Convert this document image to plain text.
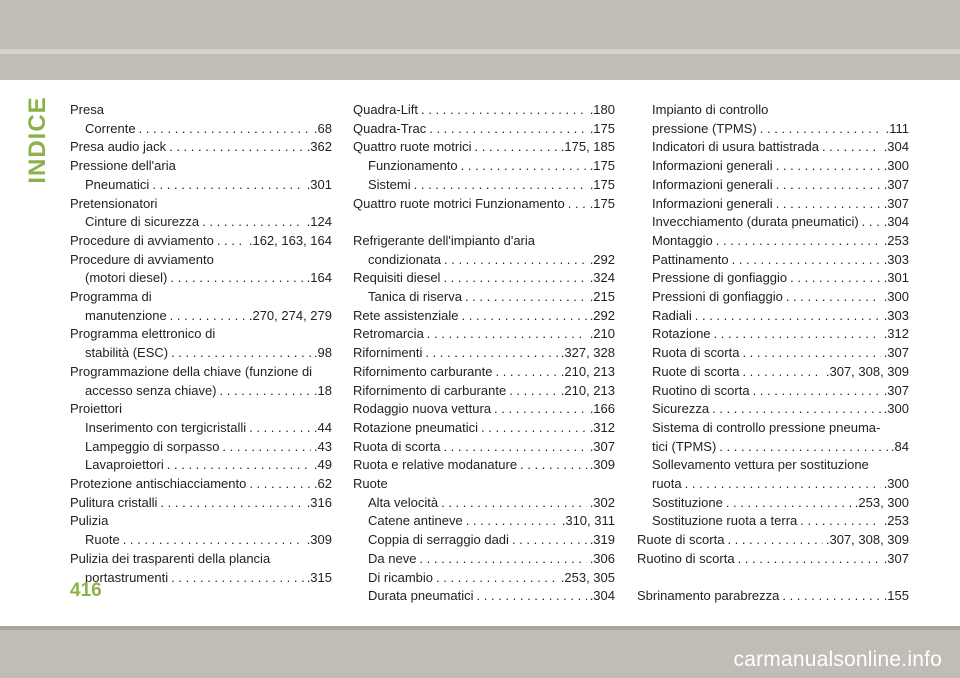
INDICE Presa
Corrente . . .	.68
Presa audio jack . . .	.362
Pressione dell'aria
Pneumatici . . .	.301
Pretensionatori
Cinture di sicurezza . . .	.124
Procedure di avviamento . . .	.162, 163, 164
Procedure di avviamento
(motori diesel) . . .	.164
Programma di
manutenzione . . .	.270, 274, 279
Programma elettronico di
stabilità (ESC) . . .	.98
Programmazione della chiave (funzione di
accesso senza chiave) . . .	.18
Proiettori
Inserimento con tergicristalli . . .	.44
Lampeggio di sorpasso . . .	.43
Lavaproiettori . . .	.49
Protezione antischiacciamento . . .	.62
Pulitura cristalli . . .	.316
Pulizia
Ruote . . .	.309
Pulizia dei trasparenti della plancia
portastrumenti . . .	.315
Quadra-Lift . . .	.180
Quadra-Trac . . .	.175
Quattro ruote motrici . . .	.175, 185
Funzionamento . . .	.175
Sistemi . . .	.175
Quattro ruote motrici Funzionamento . . . .175
Refrigerante dell'impianto d'aria
condizionata . . .	.292
Requisiti diesel . . .	.324
Tanica di riserva . . .	.215
Rete assistenziale . . .	.292
Retromarcia . . .	.210
Rifornimenti . . .	.327, 328
Rifornimento carburante . . .	.210, 213
Rifornimento di carburante . . .	.210, 213
Rodaggio nuova vettura . . .	.166
Rotazione pneumatici . . .	.312
Ruota di scorta . . .	.307
Ruota e relative modanature . . .	.309
Ruote
Alta velocità . . .	.302
Catene antineve . . .	.310, 311
Coppia di serraggio dadi . . .	.319
Da neve . . .	.306
Di ricambio . . .	.253, 305
Durata pneumatici . . .	.304
Impianto di controllo
pressione (TPMS) . . .	.111
Indicatori di usura battistrada . . .	.304
Informazioni generali . . .	.300
Informazioni generali . . .	.307
Informazioni generali . . .	.307
Invecchiamento (durata pneumatici) . . . .304
Montaggio . . .	.253
Pattinamento . . .	.303
Pressione di gonfiaggio . . .	.301
Pressioni di gonfiaggio . . .	.300
Radiali . . .	.303
Rotazione . . .	.312
Ruota di scorta . . .	.307
Ruote di scorta . . .	.307, 308, 309
Ruotino di scorta . . .	.307
Sicurezza . . .	.300
Sistema di controllo pressione pneuma-
tici (TPMS) . . .	.84
Sollevamento vettura per sostituzione
ruota . . .	.300
Sostituzione . . .	.253, 300
Sostituzione ruota a terra . . .	.253
Ruote di scorta . . .	.307, 308, 309
Ruotino di scorta . . .	.307
Sbrinamento parabrezza . . .	.155
416
carmanualsonline.info
